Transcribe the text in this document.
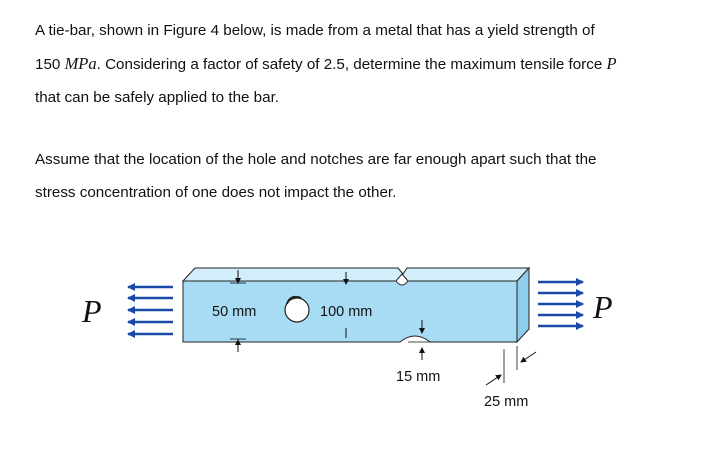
A tie-bar, shown in Figure 4 below, is made from a metal that has a yield strength of
150 MPa. Considering a factor of safety of 2.5, determine the maximum tensile force P
that can be safely applied to the bar.
Assume that the location of the hole and notches are far enough apart such that the
stress concentration of one does not impact the other.
50 mm	100 mm
15 mm
25 mm
P	P
